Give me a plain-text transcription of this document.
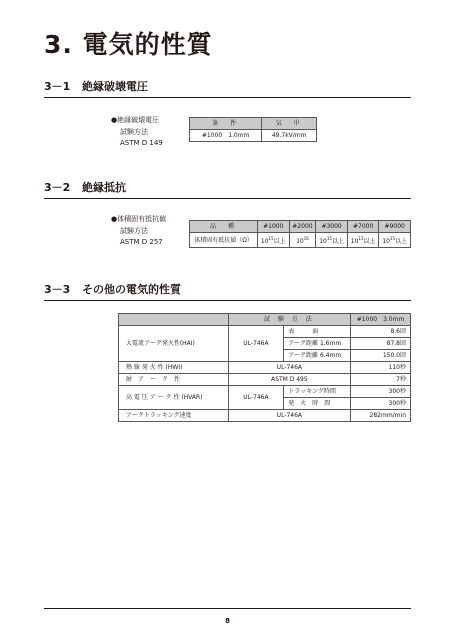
3. 電気的性質
3－1 絶縁破壊電圧
●絶縁破壊電圧
試験方法
ASTM D 149
条　件	気　中
#1000　1.0mm	49.7kV/mm
3－2 絶縁抵抗
●体積固有抵抗値
試験方法
ASTM D 257
品　種	#1000	#2000	#3000	#7000	#9000
体積固有抵抗値（Ω）	$10^{15}$以上	$10^{16}$	$10^{15}$以上	$10^{15}$以上	$10^{15}$以上
3－3 その他の電気的性質
	試 験 方 法		#1000　3.0mm
大電流アーク発火性(HAI)	UL-746A	表　　　面	8.6回
		アーク距離 1.6mm	87.8回
		アーク距離 6.4mm	150.0回
熱 線 発 火 性 (HWI)	UL-746A		110秒
耐　ア　ー　ク　性	ASTM D 495		7秒
高 電 圧 ア ー ク 性 (HVAR)	UL-746A	トラッキング時間	300秒
		発　火　時　間	300秒
アークトラッキング速度	UL-746A		282mm/min
8
